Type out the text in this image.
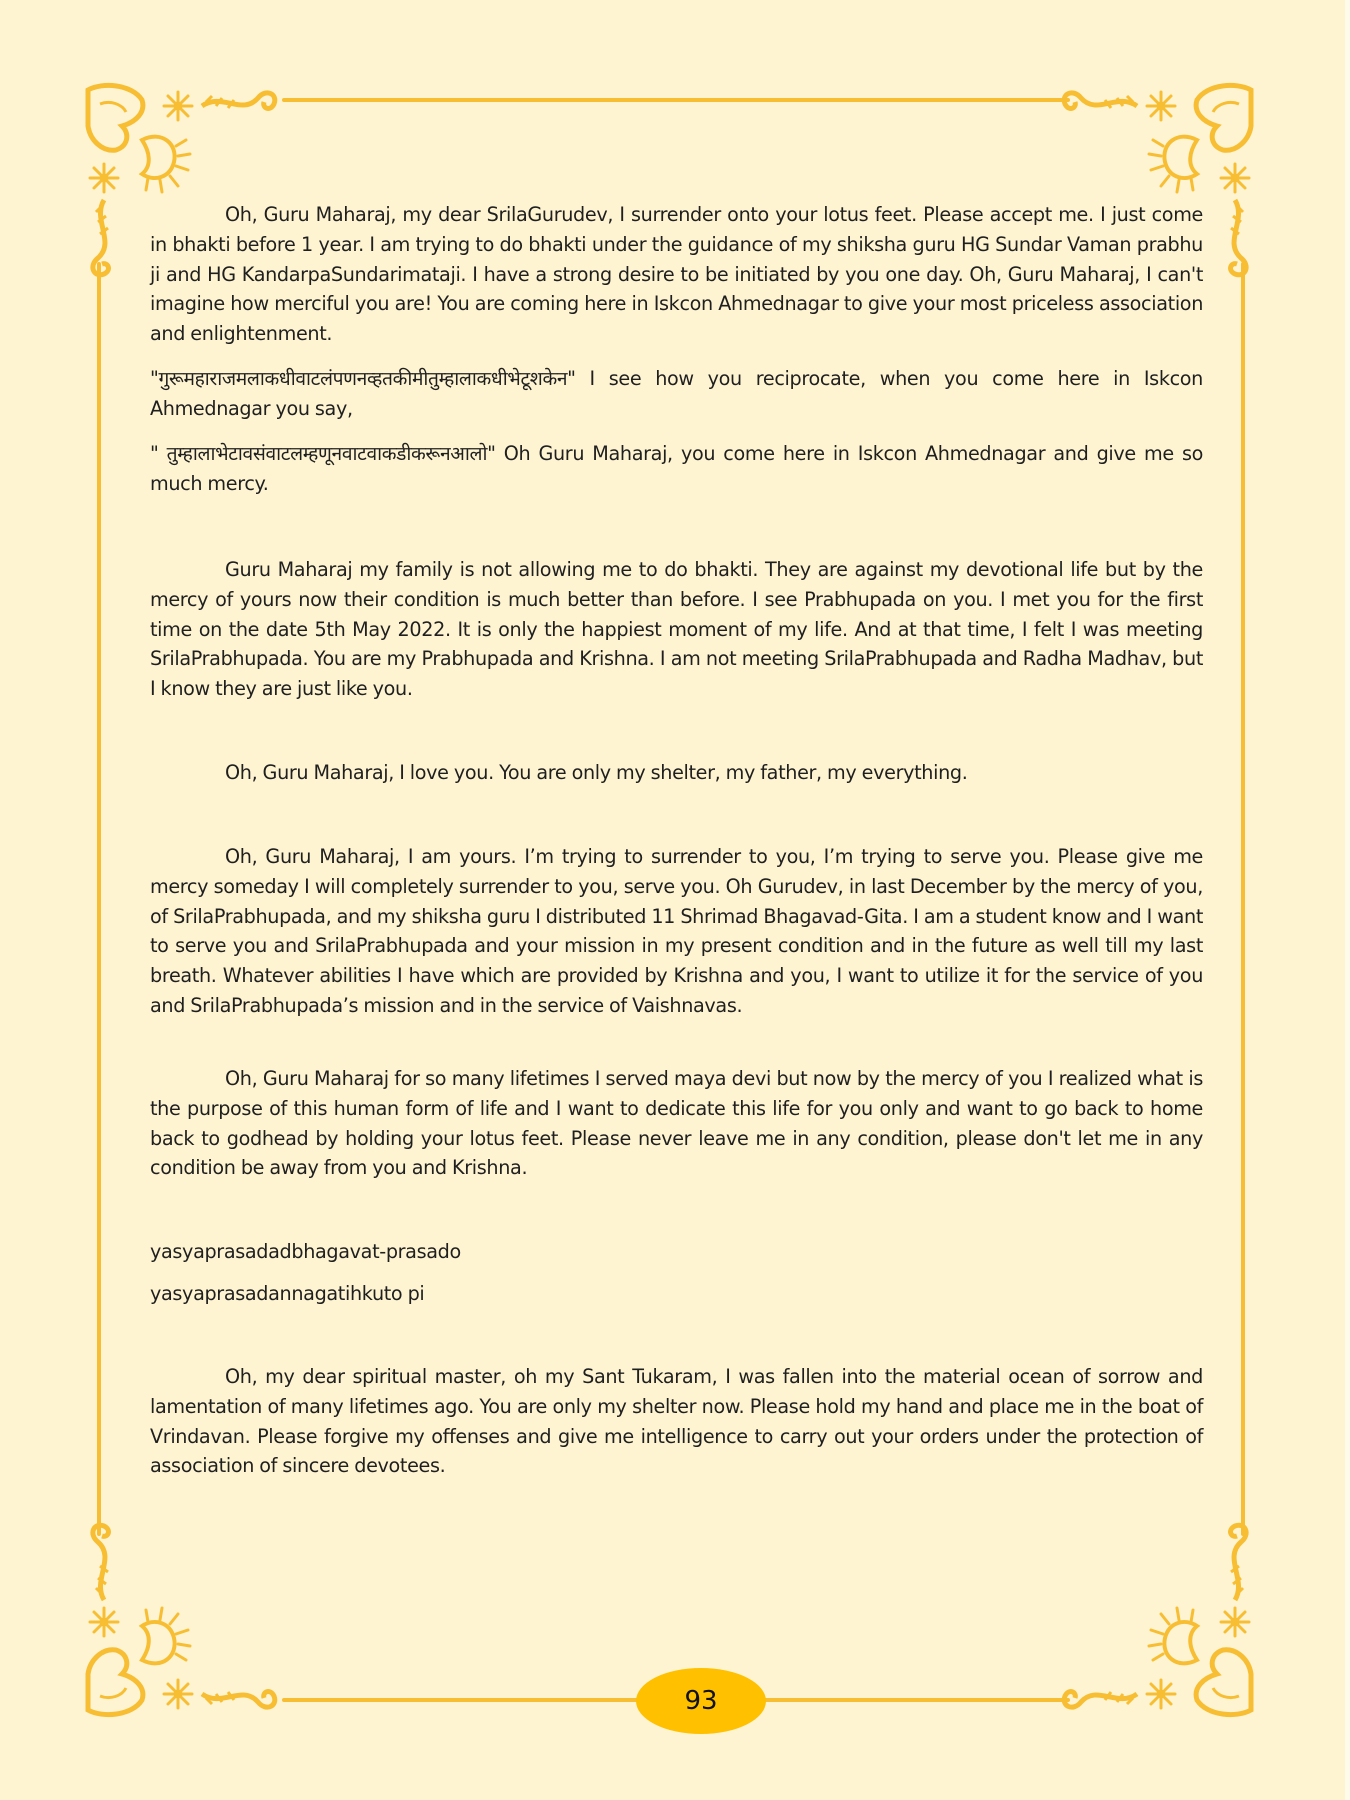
Oh, Guru Maharaj, my dear SrilaGurudev, I surrender onto your lotus feet. Please accept me. I just come in bhakti before 1 year. I am trying to do bhakti under the guidance of my shiksha guru HG Sundar Vaman prabhu ji and HG KandarpaSundarimataji. I have a strong desire to be initiated by you one day. Oh, Guru Maharaj, I can't imagine how merciful you are! You are coming here in Iskcon Ahmednagar to give your most priceless association and enlightenment.

"गुरूमहाराजमलाकधीवाटलंपणनव्हतकीमीतुम्हालाकधीभेटूशकेन" I see how you reciprocate, when you come here in Iskcon Ahmednagar you say,

" तुम्हालाभेटावसंवाटलम्हणूनवाटवाकडीकरूनआलो" Oh Guru Maharaj, you come here in Iskcon Ahmednagar and give me so much mercy.

Guru Maharaj my family is not allowing me to do bhakti. They are against my devotional life but by the mercy of yours now their condition is much better than before. I see Prabhupada on you. I met you for the first time on the date 5th May 2022. It is only the happiest moment of my life. And at that time, I felt I was meeting SrilaPrabhupada. You are my Prabhupada and Krishna. I am not meeting SrilaPrabhupada and Radha Madhav, but I know they are just like you.

Oh, Guru Maharaj, I love you. You are only my shelter, my father, my everything.

Oh, Guru Maharaj, I am yours. I’m trying to surrender to you, I’m trying to serve you. Please give me mercy someday I will completely surrender to you, serve you. Oh Gurudev, in last December by the mercy of you, of SrilaPrabhupada, and my shiksha guru I distributed 11 Shrimad Bhagavad-Gita. I am a student know and I want to serve you and SrilaPrabhupada and your mission in my present condition and in the future as well till my last breath. Whatever abilities I have which are provided by Krishna and you, I want to utilize it for the service of you and SrilaPrabhupada’s mission and in the service of Vaishnavas.

Oh, Guru Maharaj for so many lifetimes I served maya devi but now by the mercy of you I realized what is the purpose of this human form of life and I want to dedicate this life for you only and want to go back to home back to godhead by holding your lotus feet. Please never leave me in any condition, please don't let me in any condition be away from you and Krishna.

yasyaprasadadbhagavat-prasado

yasyaprasadannagatihkuto pi

Oh, my dear spiritual master, oh my Sant Tukaram, I was fallen into the material ocean of sorrow and lamentation of many lifetimes ago. You are only my shelter now. Please hold my hand and place me in the boat of Vrindavan. Please forgive my offenses and give me intelligence to carry out your orders under the protection of association of sincere devotees.

93
